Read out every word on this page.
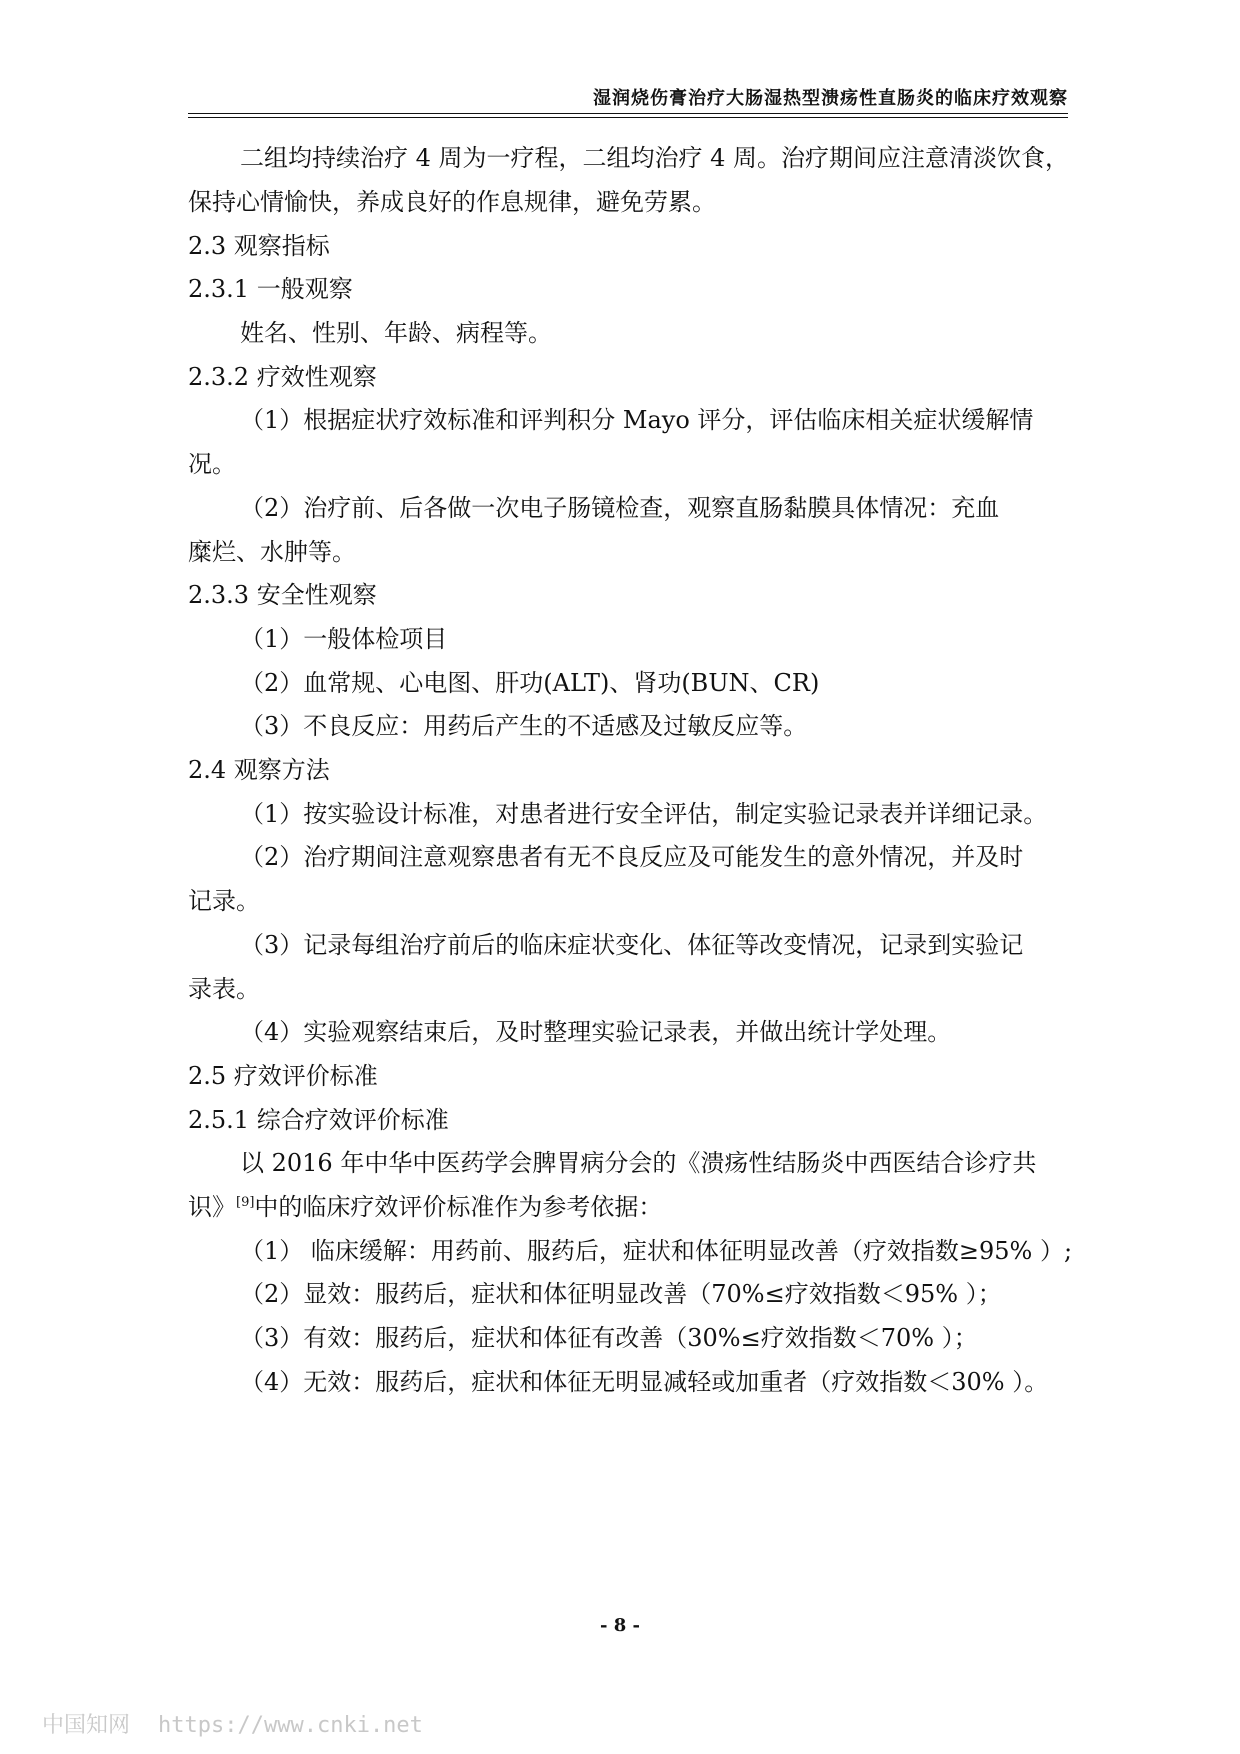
湿润烧伤膏治疗大肠湿热型溃疡性直肠炎的临床疗效观察
二组均持续治疗 4 周为一疗程，二组均治疗 4 周。治疗期间应注意清淡饮食，
保持心情愉快，养成良好的作息规律，避免劳累。
2.3 观察指标
2.3.1 一般观察
姓名、性别、年龄、病程等。
2.3.2 疗效性观察
（1）根据症状疗效标准和评判积分 Mayo 评分，评估临床相关症状缓解情
况。
（2）治疗前、后各做一次电子肠镜检查，观察直肠黏膜具体情况：充血
糜烂、水肿等。
2.3.3 安全性观察
（1）一般体检项目
（2）血常规、心电图、肝功(ALT)、肾功(BUN、CR)
（3）不良反应：用药后产生的不适感及过敏反应等。
2.4 观察方法
（1）按实验设计标准，对患者进行安全评估，制定实验记录表并详细记录。
（2）治疗期间注意观察患者有无不良反应及可能发生的意外情况，并及时
记录。
（3）记录每组治疗前后的临床症状变化、体征等改变情况，记录到实验记
录表。
（4）实验观察结束后，及时整理实验记录表，并做出统计学处理。
2.5 疗效评价标准
2.5.1 综合疗效评价标准
以 2016 年中华中医药学会脾胃病分会的《溃疡性结肠炎中西医结合诊疗共
识》[9]中的临床疗效评价标准作为参考依据：
（1） 临床缓解：用药前、服药后，症状和体征明显改善（疗效指数≥95% ）;
（2）显效：服药后，症状和体征明显改善（70%≤疗效指数＜95% ）；
（3）有效：服药后，症状和体征有改善（30%≤疗效指数＜70% ）；
（4）无效：服药后，症状和体征无明显减轻或加重者（疗效指数＜30% ）。
- 8 -
中国知网 https://www.cnki.net
